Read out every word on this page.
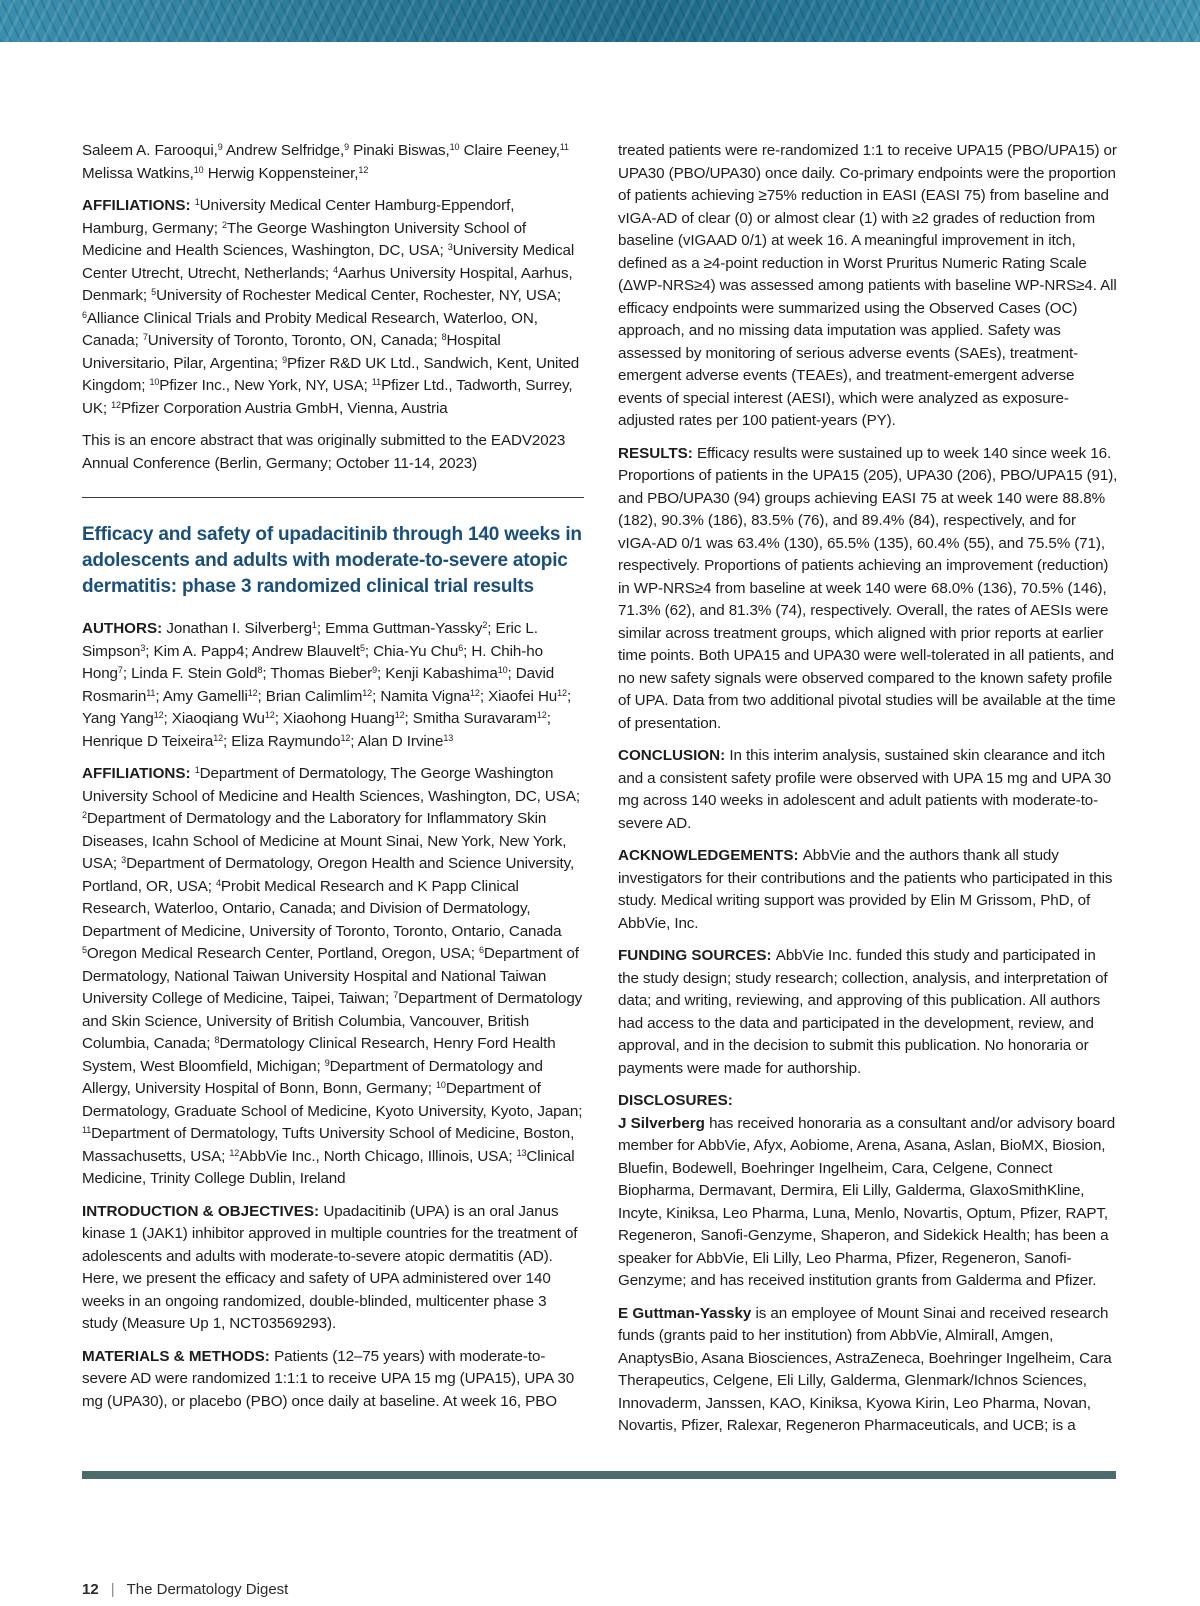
Saleem A. Farooqui,$^9$ Andrew Selfridge,$^9$ Pinaki Biswas,$^{10}$ Claire Feeney,$^{11}$ Melissa Watkins,$^{10}$ Herwig Koppensteiner,$^{12}$

AFFILIATIONS: $^1$University Medical Center Hamburg-Eppendorf, Hamburg, Germany; $^2$The George Washington University School of Medicine and Health Sciences, Washington, DC, USA; $^3$University Medical Center Utrecht, Utrecht, Netherlands; $^4$Aarhus University Hospital, Aarhus, Denmark; $^5$University of Rochester Medical Center, Rochester, NY, USA; $^6$Alliance Clinical Trials and Probity Medical Research, Waterloo, ON, Canada; $^7$University of Toronto, Toronto, ON, Canada; $^8$Hospital Universitario, Pilar, Argentina; $^9$Pfizer R&D UK Ltd., Sandwich, Kent, United Kingdom; $^{10}$Pfizer Inc., New York, NY, USA; $^{11}$Pfizer Ltd., Tadworth, Surrey, UK; $^{12}$Pfizer Corporation Austria GmbH, Vienna, Austria

This is an encore abstract that was originally submitted to the EADV2023 Annual Conference (Berlin, Germany; October 11-14, 2023)

Efficacy and safety of upadacitinib through 140 weeks in adolescents and adults with moderate-to-severe atopic dermatitis: phase 3 randomized clinical trial results

AUTHORS: Jonathan I. Silverberg$^1$; Emma Guttman-Yassky$^2$; Eric L. Simpson$^3$; Kim A. Papp4; Andrew Blauvelt$^5$; Chia-Yu Chu$^6$; H. Chih-ho Hong$^7$; Linda F. Stein Gold$^8$; Thomas Bieber$^9$; Kenji Kabashima$^{10}$; David Rosmarin$^{11}$; Amy Gamelli$^{12}$; Brian Calimlim$^{12}$; Namita Vigna$^{12}$; Xiaofei Hu$^{12}$; Yang Yang$^{12}$; Xiaoqiang Wu$^{12}$; Xiaohong Huang$^{12}$; Smitha Suravaram$^{12}$; Henrique D Teixeira$^{12}$; Eliza Raymundo$^{12}$; Alan D Irvine$^{13}$

AFFILIATIONS: $^1$Department of Dermatology, The George Washington University School of Medicine and Health Sciences, Washington, DC, USA; $^2$Department of Dermatology and the Laboratory for Inflammatory Skin Diseases, Icahn School of Medicine at Mount Sinai, New York, New York, USA; $^3$Department of Dermatology, Oregon Health and Science University, Portland, OR, USA; $^4$Probit Medical Research and K Papp Clinical Research, Waterloo, Ontario, Canada; and Division of Dermatology, Department of Medicine, University of Toronto, Toronto, Ontario, Canada $^5$Oregon Medical Research Center, Portland, Oregon, USA; $^6$Department of Dermatology, National Taiwan University Hospital and National Taiwan University College of Medicine, Taipei, Taiwan; $^7$Department of Dermatology and Skin Science, University of British Columbia, Vancouver, British Columbia, Canada; $^8$Dermatology Clinical Research, Henry Ford Health System, West Bloomfield, Michigan; $^9$Department of Dermatology and Allergy, University Hospital of Bonn, Bonn, Germany; $^{10}$Department of Dermatology, Graduate School of Medicine, Kyoto University, Kyoto, Japan; $^{11}$Department of Dermatology, Tufts University School of Medicine, Boston, Massachusetts, USA; $^{12}$AbbVie Inc., North Chicago, Illinois, USA; $^{13}$Clinical Medicine, Trinity College Dublin, Ireland

INTRODUCTION & OBJECTIVES: Upadacitinib (UPA) is an oral Janus kinase 1 (JAK1) inhibitor approved in multiple countries for the treatment of adolescents and adults with moderate-to-severe atopic dermatitis (AD). Here, we present the efficacy and safety of UPA administered over 140 weeks in an ongoing randomized, double-blinded, multicenter phase 3 study (Measure Up 1, NCT03569293).

MATERIALS & METHODS: Patients (12–75 years) with moderate-to-severe AD were randomized 1:1:1 to receive UPA 15 mg (UPA15), UPA 30 mg (UPA30), or placebo (PBO) once daily at baseline. At week 16, PBO

treated patients were re-randomized 1:1 to receive UPA15 (PBO/UPA15) or UPA30 (PBO/UPA30) once daily. Co-primary endpoints were the proportion of patients achieving ≥75% reduction in EASI (EASI 75) from baseline and vIGA-AD of clear (0) or almost clear (1) with ≥2 grades of reduction from baseline (vIGAAD 0/1) at week 16. A meaningful improvement in itch, defined as a ≥4-point reduction in Worst Pruritus Numeric Rating Scale (ΔWP-NRS≥4) was assessed among patients with baseline WP-NRS≥4. All efficacy endpoints were summarized using the Observed Cases (OC) approach, and no missing data imputation was applied. Safety was assessed by monitoring of serious adverse events (SAEs), treatment-emergent adverse events (TEAEs), and treatment-emergent adverse events of special interest (AESI), which were analyzed as exposure-adjusted rates per 100 patient-years (PY).

RESULTS: Efficacy results were sustained up to week 140 since week 16. Proportions of patients in the UPA15 (205), UPA30 (206), PBO/UPA15 (91), and PBO/UPA30 (94) groups achieving EASI 75 at week 140 were 88.8% (182), 90.3% (186), 83.5% (76), and 89.4% (84), respectively, and for vIGA-AD 0/1 was 63.4% (130), 65.5% (135), 60.4% (55), and 75.5% (71), respectively. Proportions of patients achieving an improvement (reduction) in WP-NRS≥4 from baseline at week 140 were 68.0% (136), 70.5% (146), 71.3% (62), and 81.3% (74), respectively. Overall, the rates of AESIs were similar across treatment groups, which aligned with prior reports at earlier time points. Both UPA15 and UPA30 were well-tolerated in all patients, and no new safety signals were observed compared to the known safety profile of UPA. Data from two additional pivotal studies will be available at the time of presentation.

CONCLUSION: In this interim analysis, sustained skin clearance and itch and a consistent safety profile were observed with UPA 15 mg and UPA 30 mg across 140 weeks in adolescent and adult patients with moderate-to-severe AD.

ACKNOWLEDGEMENTS: AbbVie and the authors thank all study investigators for their contributions and the patients who participated in this study. Medical writing support was provided by Elin M Grissom, PhD, of AbbVie, Inc.

FUNDING SOURCES: AbbVie Inc. funded this study and participated in the study design; study research; collection, analysis, and interpretation of data; and writing, reviewing, and approving of this publication. All authors had access to the data and participated in the development, review, and approval, and in the decision to submit this publication. No honoraria or payments were made for authorship.

DISCLOSURES:
J Silverberg has received honoraria as a consultant and/or advisory board member for AbbVie, Afyx, Aobiome, Arena, Asana, Aslan, BioMX, Biosion, Bluefin, Bodewell, Boehringer Ingelheim, Cara, Celgene, Connect Biopharma, Dermavant, Dermira, Eli Lilly, Galderma, GlaxoSmithKline, Incyte, Kiniksa, Leo Pharma, Luna, Menlo, Novartis, Optum, Pfizer, RAPT, Regeneron, Sanofi-Genzyme, Shaperon, and Sidekick Health; has been a speaker for AbbVie, Eli Lilly, Leo Pharma, Pfizer, Regeneron, Sanofi-Genzyme; and has received institution grants from Galderma and Pfizer.

E Guttman-Yassky is an employee of Mount Sinai and received research funds (grants paid to her institution) from AbbVie, Almirall, Amgen, AnaptysBio, Asana Biosciences, AstraZeneca, Boehringer Ingelheim, Cara Therapeutics, Celgene, Eli Lilly, Galderma, Glenmark/Ichnos Sciences, Innovaderm, Janssen, KAO, Kiniksa, Kyowa Kirin, Leo Pharma, Novan, Novartis, Pfizer, Ralexar, Regeneron Pharmaceuticals, and UCB; is a

12 | The Dermatology Digest
